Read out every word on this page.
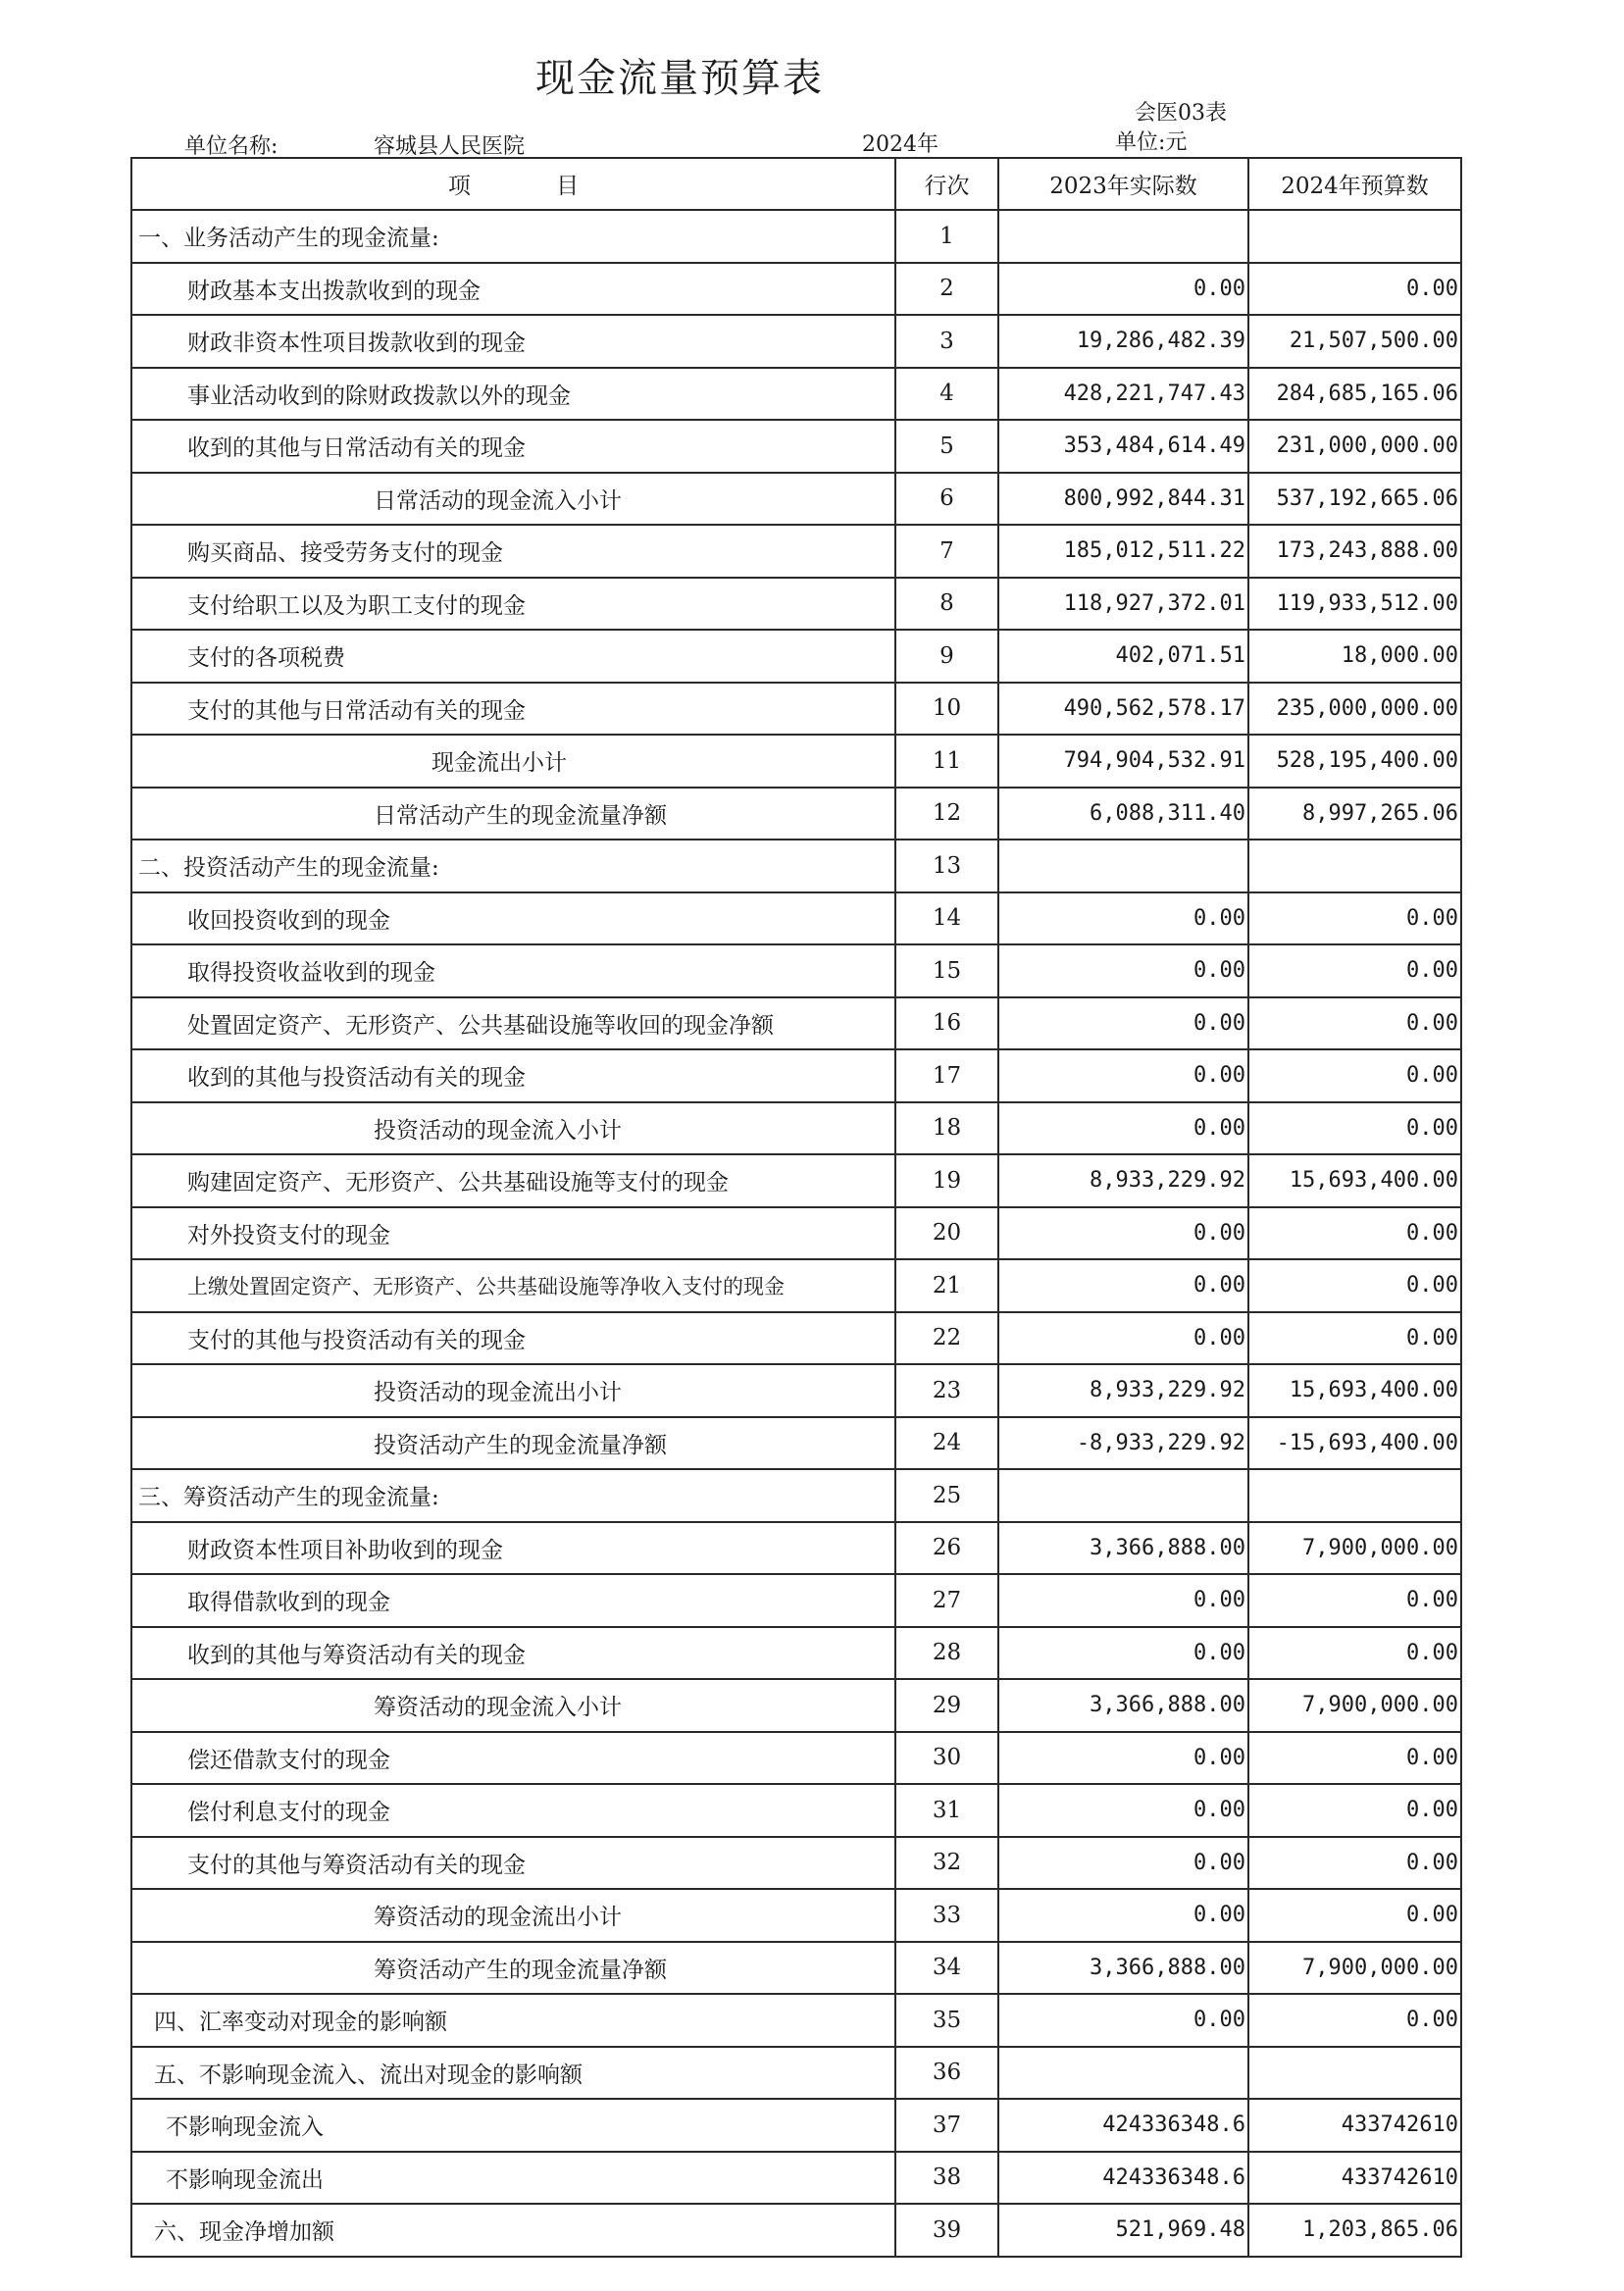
现金流量预算表
会医03表
单位名称:	容城县人民医院	2024年	单位:元
项 目	行次	2023年实际数	2024年预算数
一、业务活动产生的现金流量:	1		
财政基本支出拨款收到的现金	2	0.00	0.00
财政非资本性项目拨款收到的现金	3	19,286,482.39	21,507,500.00
事业活动收到的除财政拨款以外的现金	4	428,221,747.43	284,685,165.06
收到的其他与日常活动有关的现金	5	353,484,614.49	231,000,000.00
日常活动的现金流入小计	6	800,992,844.31	537,192,665.06
购买商品、接受劳务支付的现金	7	185,012,511.22	173,243,888.00
支付给职工以及为职工支付的现金	8	118,927,372.01	119,933,512.00
支付的各项税费	9	402,071.51	18,000.00
支付的其他与日常活动有关的现金	10	490,562,578.17	235,000,000.00
现金流出小计	11	794,904,532.91	528,195,400.00
日常活动产生的现金流量净额	12	6,088,311.40	8,997,265.06
二、投资活动产生的现金流量:	13		
收回投资收到的现金	14	0.00	0.00
取得投资收益收到的现金	15	0.00	0.00
处置固定资产、无形资产、公共基础设施等收回的现金净额	16	0.00	0.00
收到的其他与投资活动有关的现金	17	0.00	0.00
投资活动的现金流入小计	18	0.00	0.00
购建固定资产、无形资产、公共基础设施等支付的现金	19	8,933,229.92	15,693,400.00
对外投资支付的现金	20	0.00	0.00
上缴处置固定资产、无形资产、公共基础设施等净收入支付的现金	21	0.00	0.00
支付的其他与投资活动有关的现金	22	0.00	0.00
投资活动的现金流出小计	23	8,933,229.92	15,693,400.00
投资活动产生的现金流量净额	24	-8,933,229.92	-15,693,400.00
三、筹资活动产生的现金流量:	25		
财政资本性项目补助收到的现金	26	3,366,888.00	7,900,000.00
取得借款收到的现金	27	0.00	0.00
收到的其他与筹资活动有关的现金	28	0.00	0.00
筹资活动的现金流入小计	29	3,366,888.00	7,900,000.00
偿还借款支付的现金	30	0.00	0.00
偿付利息支付的现金	31	0.00	0.00
支付的其他与筹资活动有关的现金	32	0.00	0.00
筹资活动的现金流出小计	33	0.00	0.00
筹资活动产生的现金流量净额	34	3,366,888.00	7,900,000.00
四、汇率变动对现金的影响额	35	0.00	0.00
五、不影响现金流入、流出对现金的影响额	36		
不影响现金流入	37	424336348.6	433742610
不影响现金流出	38	424336348.6	433742610
六、现金净增加额	39	521,969.48	1,203,865.06
